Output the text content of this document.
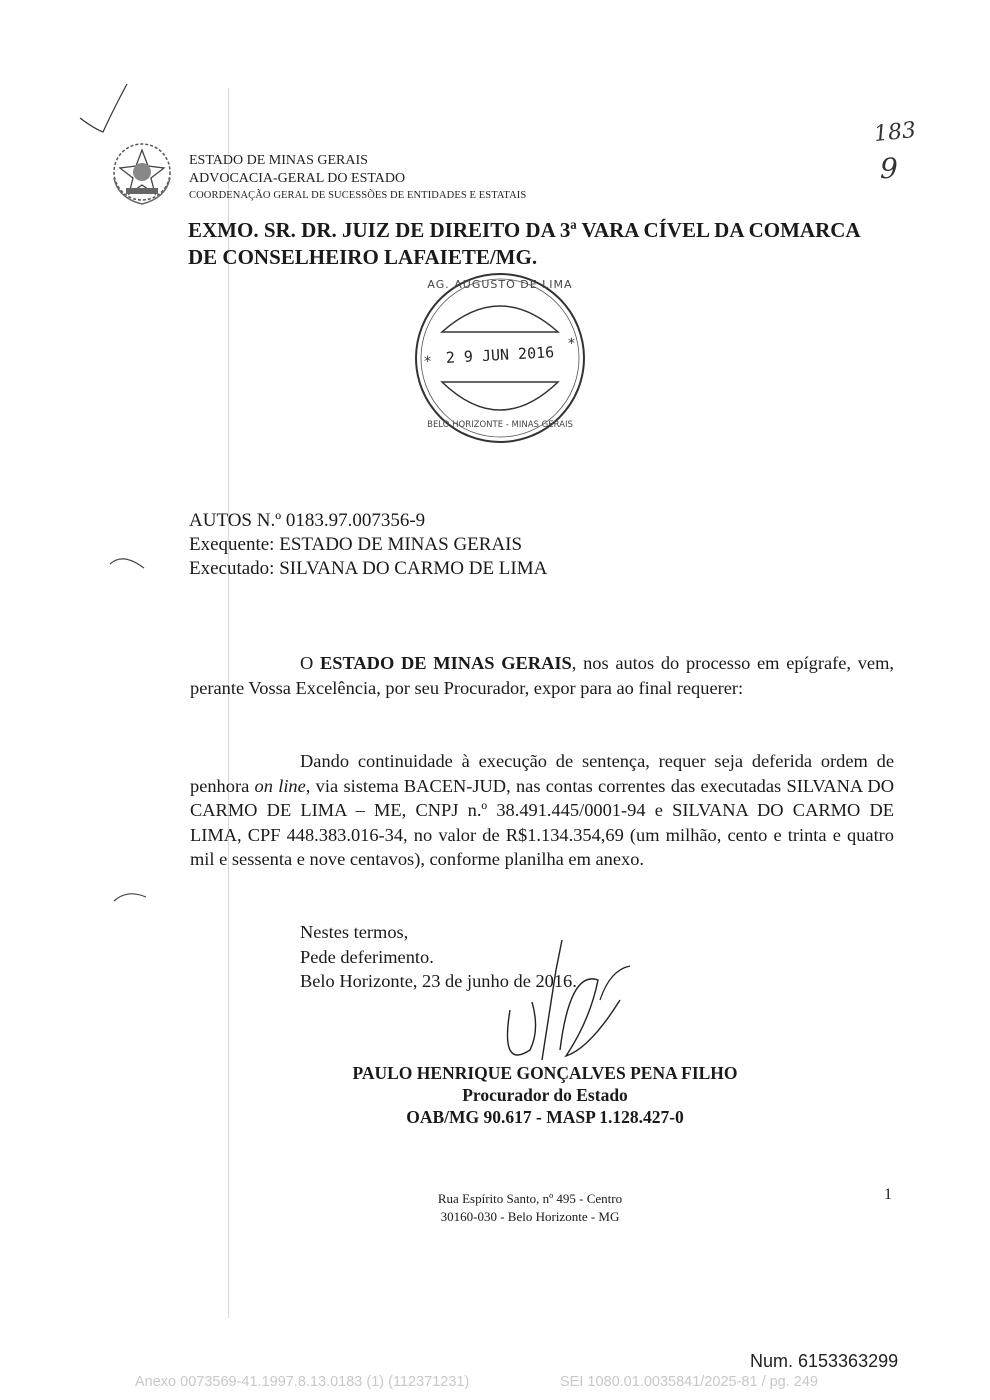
ESTADO DE MINAS GERAIS
ADVOCACIA-GERAL DO ESTADO
COORDENAÇÃO GERAL DE SUCESSÕES DE ENTIDADES E ESTATAIS
183
9
EXMO. SR. DR. JUIZ DE DIREITO DA 3ª VARA CÍVEL DA COMARCA
DE CONSELHEIRO LAFAIETE/MG.
*
*
AG. AUGUSTO DE LIMA
2 9 JUN 2016
BELO HORIZONTE - MINAS GERAIS
AUTOS N.º 0183.97.007356-9
Exequente: ESTADO DE MINAS GERAIS
Executado: SILVANA DO CARMO DE LIMA
O ESTADO DE MINAS GERAIS, nos autos do processo em epígrafe, vem, perante Vossa Excelência, por seu Procurador, expor para ao final requerer:
Dando continuidade à execução de sentença, requer seja deferida ordem de penhora on line, via sistema BACEN-JUD, nas contas correntes das executadas SILVANA DO CARMO DE LIMA – ME, CNPJ n.º 38.491.445/0001-94 e SILVANA DO CARMO DE LIMA, CPF 448.383.016-34, no valor de R$1.134.354,69 (um milhão, cento e trinta e quatro mil e sessenta e nove centavos), conforme planilha em anexo.
Nestes termos,
Pede deferimento.
Belo Horizonte, 23 de junho de 2016.
PAULO HENRIQUE GONÇALVES PENA FILHO
Procurador do Estado
OAB/MG 90.617 - MASP 1.128.427-0
Rua Espírito Santo, nº 495 - Centro
30160-030 - Belo Horizonte - MG
1
Num. 6153363299
Anexo 0073569-41.1997.8.13.0183 (1) (112371231)	SEI 1080.01.0035841/2025-81 / pg. 249
